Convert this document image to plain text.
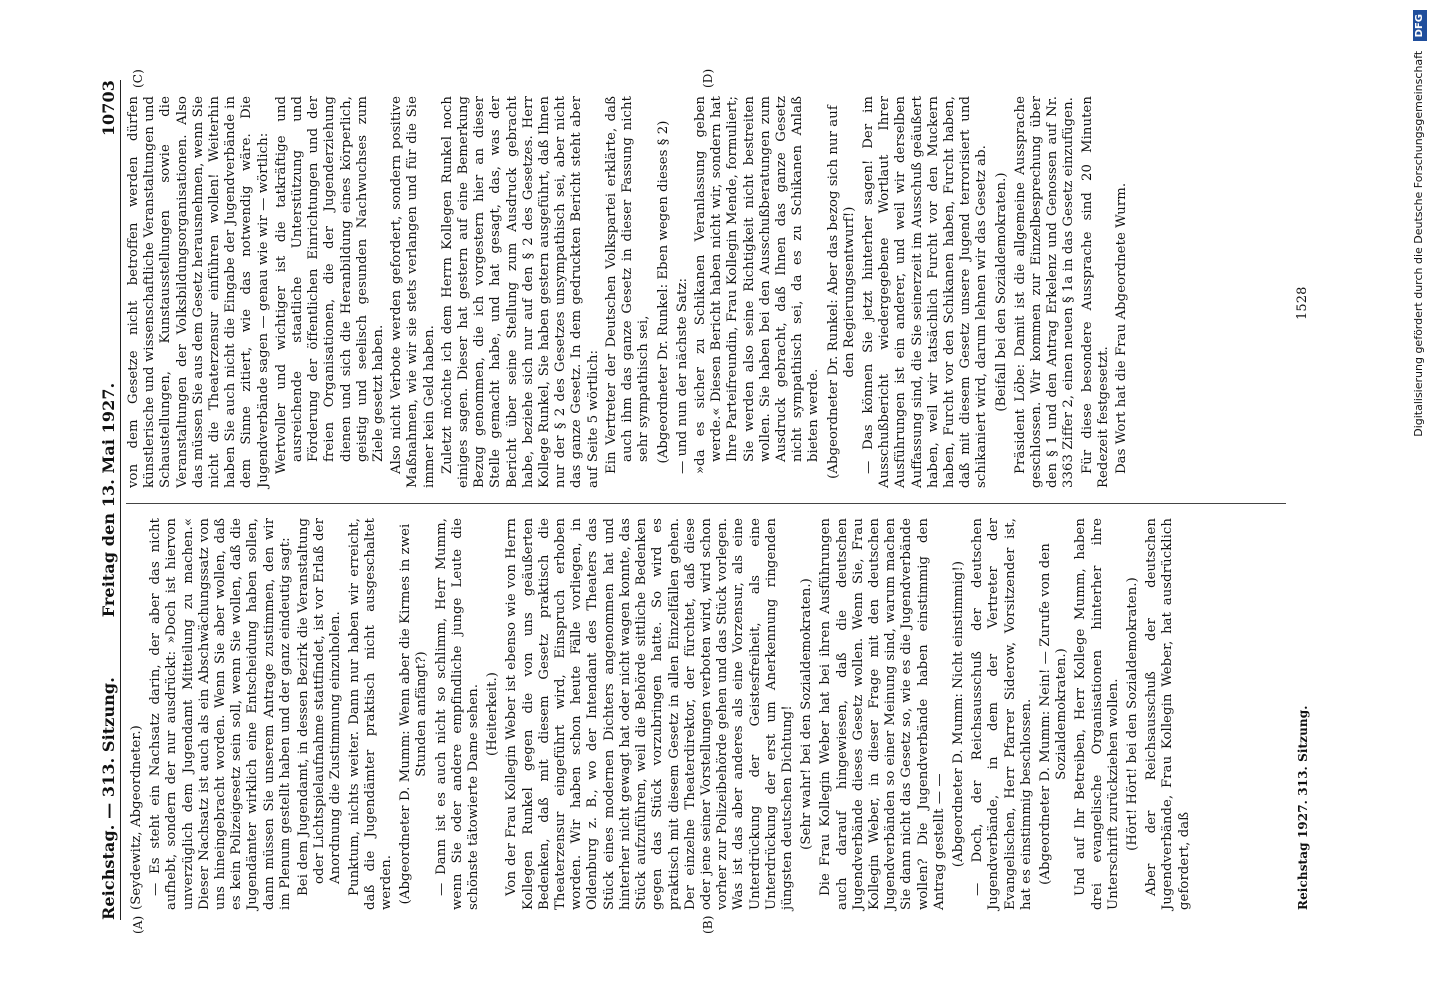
Reichstag. — 313. Sitzung.
Freitag den 13. Mai 1927.
10703
(A)	(B)
(C)	(D)

(Seydewitz, Abgeordneter.) — Es steht ein Nachsatz darin, der aber das nicht aufhebt, sondern der nur ausdrückt: »Doch ist hiervon unverzüglich dem Jugendamt Mitteilung zu machen.« Dieser Nachsatz ist auch als ein Abschwächungssatz von uns hineingebracht worden. Wenn Sie aber wollen, daß es kein Polizeigesetz sein soll, wenn Sie wollen, daß die Jugendämter wirklich eine Entscheidung haben sollen, dann müssen Sie unserem Antrage zustimmen, den wir im Plenum gestellt haben und der ganz eindeutig sagt: Bei dem Jugendamt, in dessen Bezirk die Veranstaltung oder Lichtspielaufnahme stattfindet, ist vor Erlaß der Anordnung die Zustimmung einzuholen. Punktum, nichts weiter. Dann nur haben wir erreicht, daß die Jugendämter praktisch nicht ausgeschaltet werden. (Abgeordneter D. Mumm: Wenn aber die Kirmes in zwei Stunden anfängt?) — Dann ist es auch nicht so schlimm, Herr Mumm, wenn Sie oder andere empfindliche junge Leute die schönste tätowierte Dame sehen. (Heiterkeit.) Von der Frau Kollegin Weber ist ebenso wie von Herrn Kollegen Runkel gegen die von uns geäußerten Bedenken, daß mit diesem Gesetz praktisch die Theaterzensur eingeführt wird, Einspruch erhoben worden. Wir haben schon heute Fälle vorliegen, in Oldenburg z. B., wo der Intendant des Theaters das Stück eines modernen Dichters angenommen hat und hinterher nicht gewagt hat oder nicht wagen konnte, das Stück aufzuführen, weil die Behörde sittliche Bedenken gegen das Stück vorzubringen hatte. So wird es praktisch mit diesem Gesetz in allen Einzelfällen gehen. Der einzelne Theaterdirektor, der fürchtet, daß diese oder jene seiner Vorstellungen verboten wird, wird schon vorher zur Polizeibehörde gehen und das Stück vorlegen. Was ist das aber anderes als eine Vorzensur, als eine Unterdrückung der Geistesfreiheit, als eine Unterdrückung der erst um Anerkennung ringenden jüngsten deutschen Dichtung! (Sehr wahr! bei den Sozialdemokraten.) Die Frau Kollegin Weber hat bei ihren Ausführungen auch darauf hingewiesen, daß die deutschen Jugendverbände dieses Gesetz wollen. Wenn Sie, Frau Kollegin Weber, in dieser Frage mit den deutschen Jugendverbänden so einer Meinung sind, warum machen Sie dann nicht das Gesetz so, wie es die Jugendverbände wollen? Die Jugendverbände haben einstimmig den Antrag gestellt — — (Abgeordneter D. Mumm: Nicht einstimmig!) — Doch, der Reichsausschuß der deutschen Jugendverbände, in dem der Vertreter der Evangelischen, Herr Pfarrer Siderow, Vorsitzender ist, hat es einstimmig beschlossen. (Abgeordneter D. Mumm: Nein! — Zurufe von den Sozialdemokraten.) Und auf Ihr Betreiben, Herr Kollege Mumm, haben drei evangelische Organisationen hinterher ihre Unterschrift zurückziehen wollen. (Hört! Hört! bei den Sozialdemokraten.) Aber der Reichsausschuß der deutschen Jugendverbände, Frau Kollegin Weber, hat ausdrücklich gefordert, daß

von dem Gesetze nicht betroffen werden dürfen künstlerische und wissenschaftliche Veranstaltungen und Schaustellungen, Kunstausstellungen sowie die Veranstaltungen der Volksbildungsorganisationen. Also das müssen Sie aus dem Gesetz herausnehmen, wenn Sie nicht die Theaterzensur einführen wollen! Weiterhin haben Sie auch nicht die Eingabe der Jugendverbände in dem Sinne zitiert, wie das notwendig wäre. Die Jugendverbände sagen — genau wie wir — wörtlich: Wertvoller und wichtiger ist die tatkräftige und ausreichende staatliche Unterstützung und Förderung der öffentlichen Einrichtungen und der freien Organisationen, die der Jugenderziehung dienen und sich die Heranbildung eines körperlich, geistig und seelisch gesunden Nachwuchses zum Ziele gesetzt haben. Also nicht Verbote werden gefordert, sondern positive Maßnahmen, wie wir sie stets verlangen und für die Sie immer kein Geld haben. Zuletzt möchte ich dem Herrn Kollegen Runkel noch einiges sagen. Dieser hat gestern auf eine Bemerkung Bezug genommen, die ich vorgestern hier an dieser Stelle gemacht habe, und hat gesagt, das, was der Bericht über seine Stellung zum Ausdruck gebracht habe, beziehe sich nur auf den § 2 des Gesetzes. Herr Kollege Runkel, Sie haben gestern ausgeführt, daß Ihnen nur der § 2 des Gesetzes unsympathisch sei, aber nicht das ganze Gesetz. In dem gedruckten Bericht steht aber auf Seite 5 wörtlich: Ein Vertreter der Deutschen Volkspartei erklärte, daß auch ihm das ganze Gesetz in dieser Fassung nicht sehr sympathisch sei, (Abgeordneter Dr. Runkel: Eben wegen dieses § 2) — und nun der nächste Satz: »da es sicher zu Schikanen Veranlassung geben werde.« Diesen Bericht haben nicht wir, sondern hat Ihre Parteifreundin, Frau Kollegin Mende, formuliert; Sie werden also seine Richtigkeit nicht bestreiten wollen. Sie haben bei den Ausschußberatungen zum Ausdruck gebracht, daß Ihnen das ganze Gesetz nicht sympathisch sei, da es zu Schikanen Anlaß bieten werde. (Abgeordneter Dr. Runkel: Aber das bezog sich nur auf den Regierungsentwurf!) — Das können Sie jetzt hinterher sagen! Der im Ausschußbericht wiedergegebene Wortlaut Ihrer Ausführungen ist ein anderer, und weil wir derselben Auffassung sind, die Sie seinerzeit im Ausschuß geäußert haben, weil wir tatsächlich Furcht vor den Muckern haben, Furcht vor den Schikanen haben, Furcht haben, daß mit diesem Gesetz unsere Jugend terrorisiert und schikaniert wird, darum lehnen wir das Gesetz ab. (Beifall bei den Sozialdemokraten.) Präsident Löbe: Damit ist die allgemeine Aussprache geschlossen. Wir kommen zur Einzelbesprechung über den § 1 und den Antrag Erkelenz und Genossen auf Nr. 3363 Ziffer 2, einen neuen § 1a in das Gesetz einzufügen. Für diese besondere Aussprache sind 20 Minuten Redezeit festgesetzt. Das Wort hat die Frau Abgeordnete Wurm.

Reichstag 1927. 313. Sitzung.
1528	Digitalisierung gefördert durch die Deutsche Forschungsgemeinschaft DFG
